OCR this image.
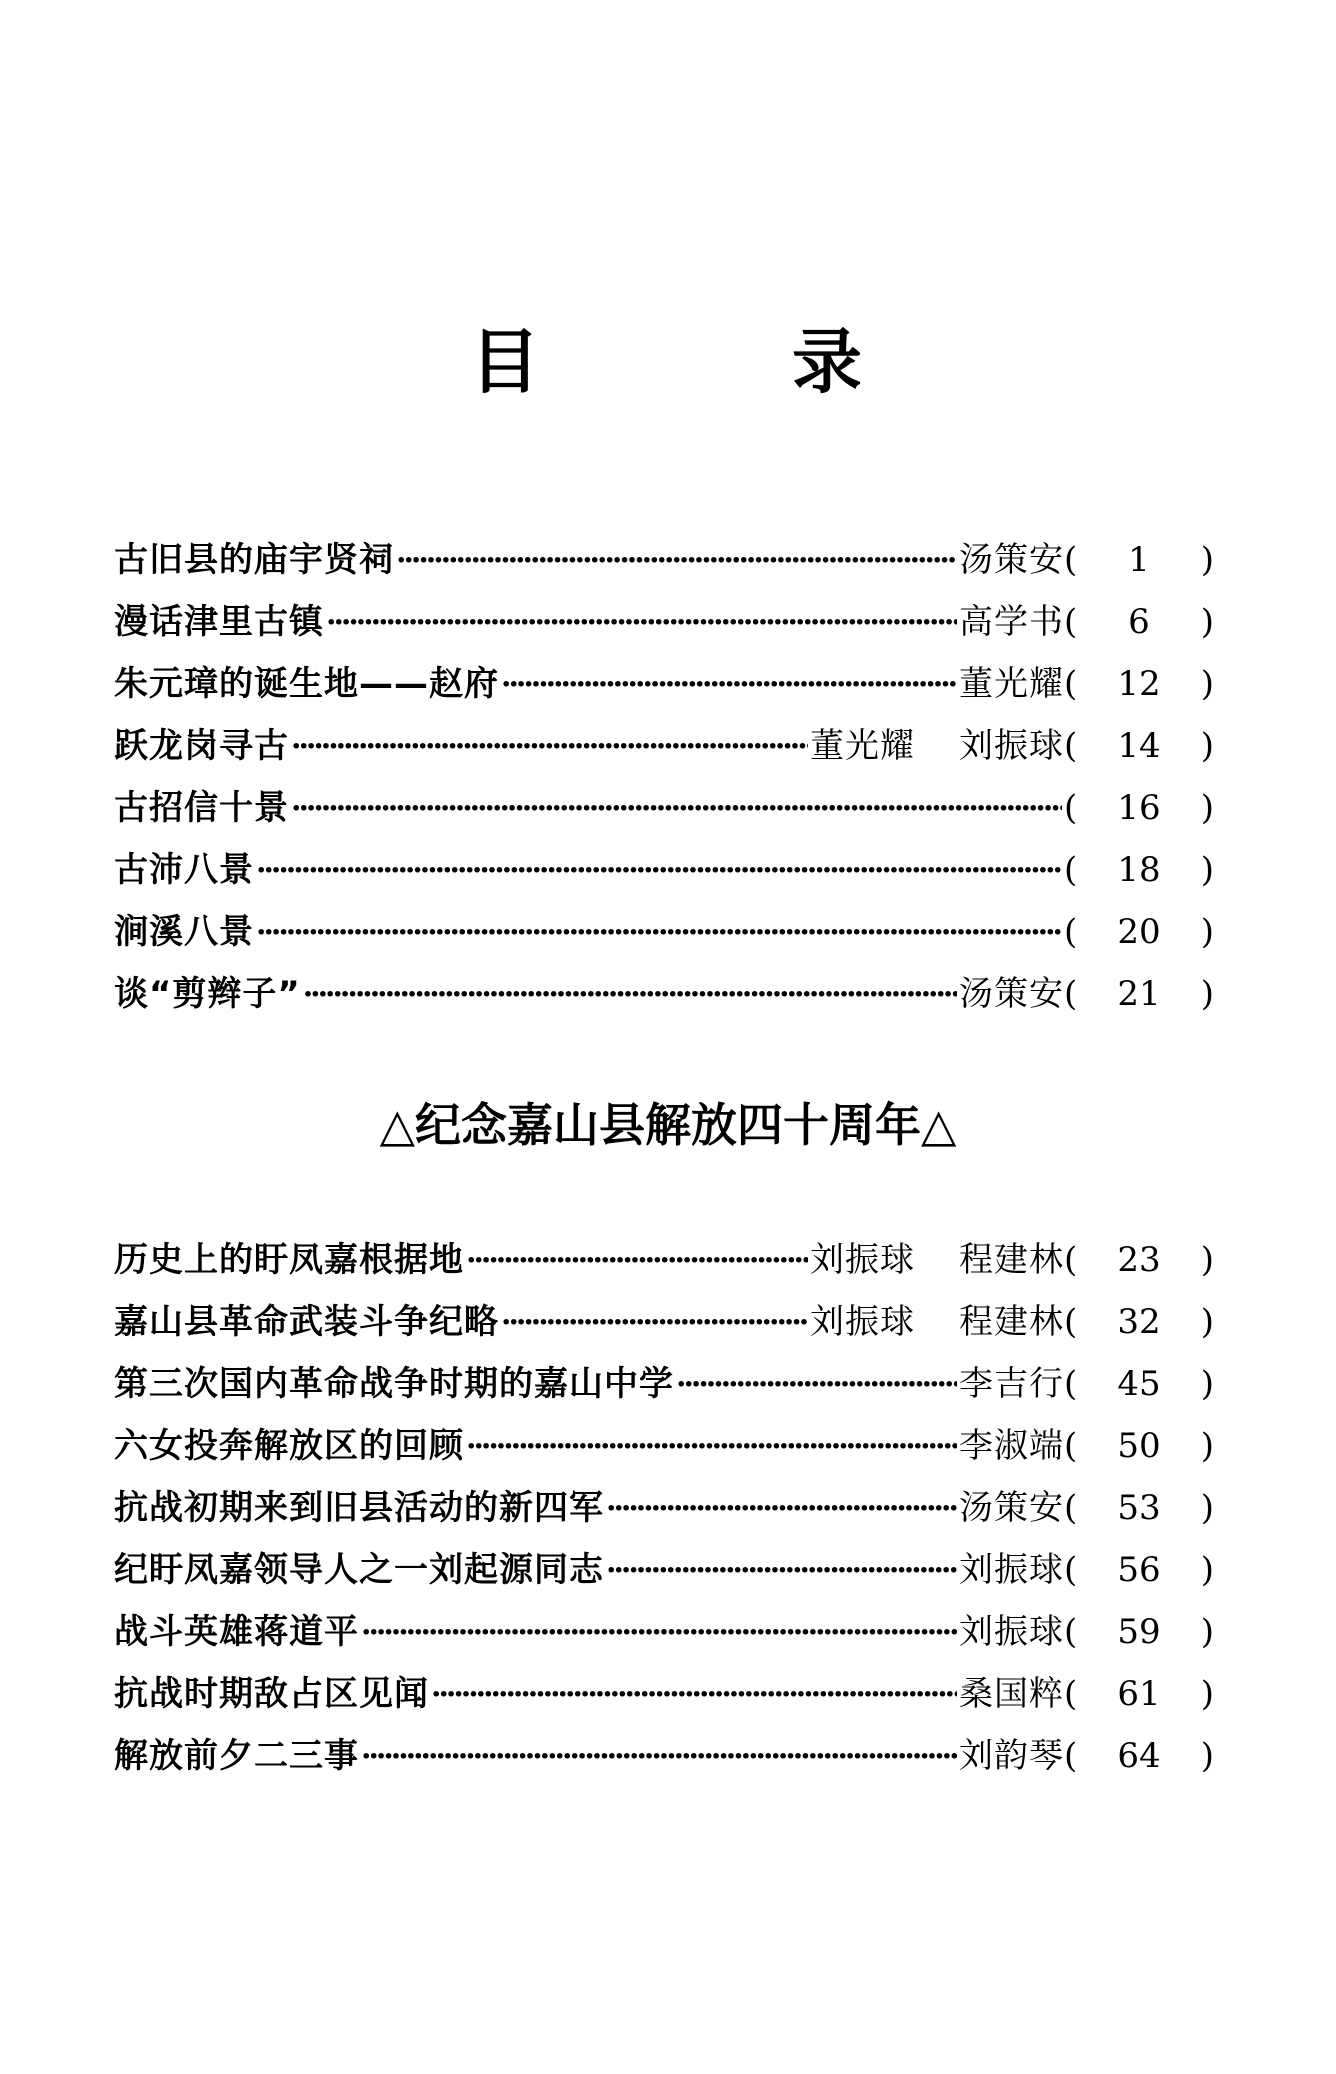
目	录
古旧县的庙宇贤祠 ·····	汤策安 (	1	)
漫话津里古镇 ·····	高学书 (	6	)
朱元璋的诞生地——赵府 ·····	董光耀 (	12	)
跃龙岗寻古 ·····	董光耀 刘振球 (	14	)
古招信十景 ·····	(	16	)
古沛八景 ·····	(	18	)
涧溪八景 ·····	(	20	)
谈“剪辫子” ·····	汤策安 (	21	)
△纪念嘉山县解放四十周年△
历史上的盱凤嘉根据地 ·····	刘振球 程建林 (	23	)
嘉山县革命武装斗争纪略 ·····	刘振球 程建林 (	32	)
第三次国内革命战争时期的嘉山中学 ·····	李吉行 (	45	)
六女投奔解放区的回顾 ·····	李淑端 (	50	)
抗战初期来到旧县活动的新四军 ·····	汤策安 (	53	)
纪盱凤嘉领导人之一刘起源同志 ·····	刘振球 (	56	)
战斗英雄蒋道平 ·····	刘振球 (	59	)
抗战时期敌占区见闻 ·····	桑国粹 (	61	)
解放前夕二三事 ·····	刘韵琴 (	64	)
